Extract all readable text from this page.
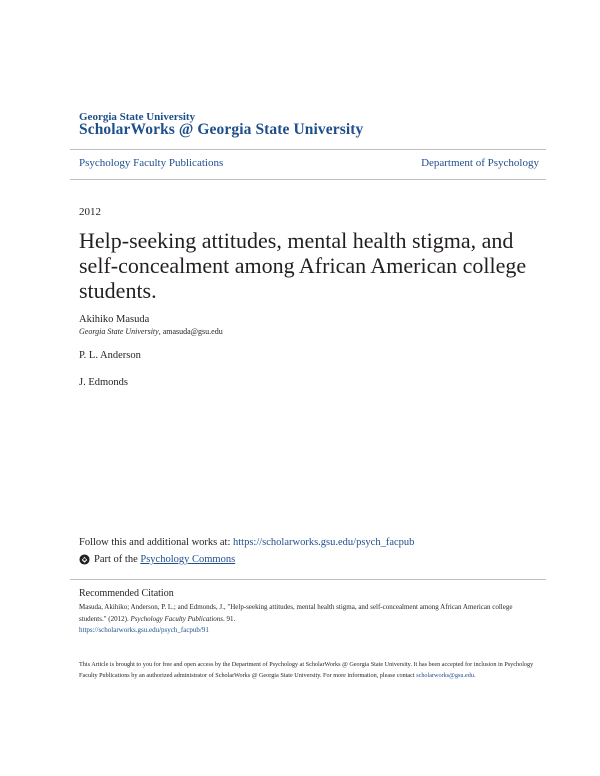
Georgia State University
ScholarWorks @ Georgia State University
Psychology Faculty Publications	Department of Psychology
2012
Help-seeking attitudes, mental health stigma, and self-concealment among African American college students.
Akihiko Masuda
Georgia State University, amasuda@gsu.edu
P. L. Anderson
J. Edmonds
Follow this and additional works at: https://scholarworks.gsu.edu/psych_facpub
Part of the
Psychology Commons
Recommended Citation
Masuda, Akihiko; Anderson, P. L.; and Edmonds, J., "Help-seeking attitudes, mental health stigma, and self-concealment among African American college students." (2012). Psychology Faculty Publications. 91.
https://scholarworks.gsu.edu/psych_facpub/91
This Article is brought to you for free and open access by the Department of Psychology at ScholarWorks @ Georgia State University. It has been accepted for inclusion in Psychology Faculty Publications by an authorized administrator of ScholarWorks @ Georgia State University. For more information, please contact scholarworks@gsu.edu.
